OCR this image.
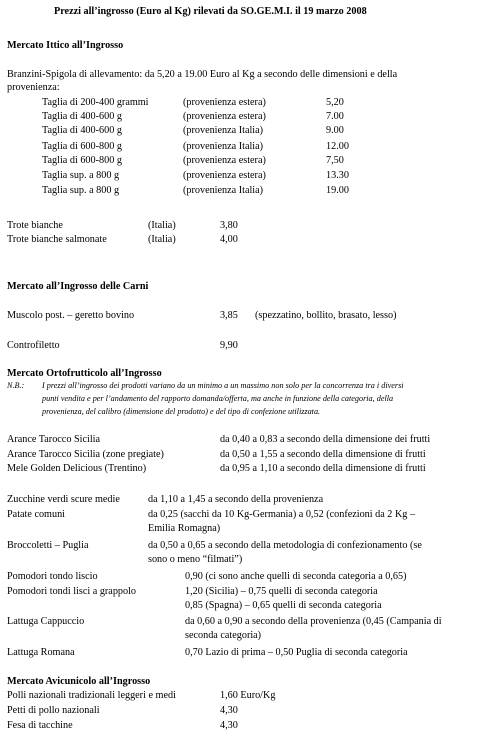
Prezzi all’ingrosso (Euro al Kg) rilevati da SO.GE.M.I. il 19 marzo 2008
Mercato Ittico all’Ingrosso
Branzini-Spigola di allevamento: da 5,20 a 19.00 Euro al Kg a secondo delle dimensioni e della
provenienza:
Taglia di 200-400 grammi	(provenienza estera)	5,20
Taglia di 400-600 g	(provenienza estera)	7.00
Taglia di 400-600 g	(provenienza Italia)	9.00
Taglia di 600-800 g	(provenienza Italia)	12.00
Taglia di 600-800 g	(provenienza estera)	7,50
Taglia sup. a 800 g	(provenienza estera)	13.30
Taglia sup. a 800 g	(provenienza Italia)	19.00
Trote bianche	(Italia)	3,80
Trote bianche salmonate	(Italia)	4,00
Mercato all’Ingrosso delle Carni
Muscolo post. – geretto bovino	3,85 (spezzatino, bollito, brasato, lesso)
Controfiletto	9,90
Mercato Ortofrutticolo all’Ingrosso
N.B.: I prezzi all’ingrosso dei prodotti variano da un minimo a un massimo non solo per la concorrenza tra i diversi
punti vendita e per l’andamento del rapporto domanda/offerta, ma anche in funzione della categoria, della
provenienza, del calibro (dimensione del prodotto) e del tipo di confezione utilizzata.
Arance Tarocco Sicilia	da 0,40 a 0,83 a secondo della dimensione dei frutti
Arance Tarocco Sicilia (zone pregiate)	da 0,50 a 1,55 a secondo della dimensione di frutti
Mele Golden Delicious (Trentino)	da 0,95 a 1,10 a secondo della dimensione di frutti
Zucchine verdi scure medie	da 1,10 a 1,45 a secondo della provenienza
Patate comuni	da 0,25 (sacchi da 10 Kg-Germania) a 0,52 (confezioni da 2 Kg –
Emilia Romagna)
Broccoletti – Puglia	da 0,50 a 0,65 a secondo della metodologia di confezionamento (se
sono o meno “filmati”)
Pomodori tondo liscio	0,90 (ci sono anche quelli di seconda categoria a 0,65)
Pomodori tondi lisci a grappolo	1,20 (Sicilia) – 0,75 quelli di seconda categoria
0,85 (Spagna) – 0,65 quelli di seconda categoria
Lattuga Cappuccio	da 0,60 a 0,90 a secondo della provenienza (0,45 (Campania di
seconda categoria)
Lattuga Romana	0,70 Lazio di prima – 0,50 Puglia di seconda categoria
Mercato Avicunicolo all’Ingrosso
Polli nazionali tradizionali leggeri e medi	1,60 Euro/Kg
Petti di pollo nazionali	4,30
Fesa di tacchine	4,30
